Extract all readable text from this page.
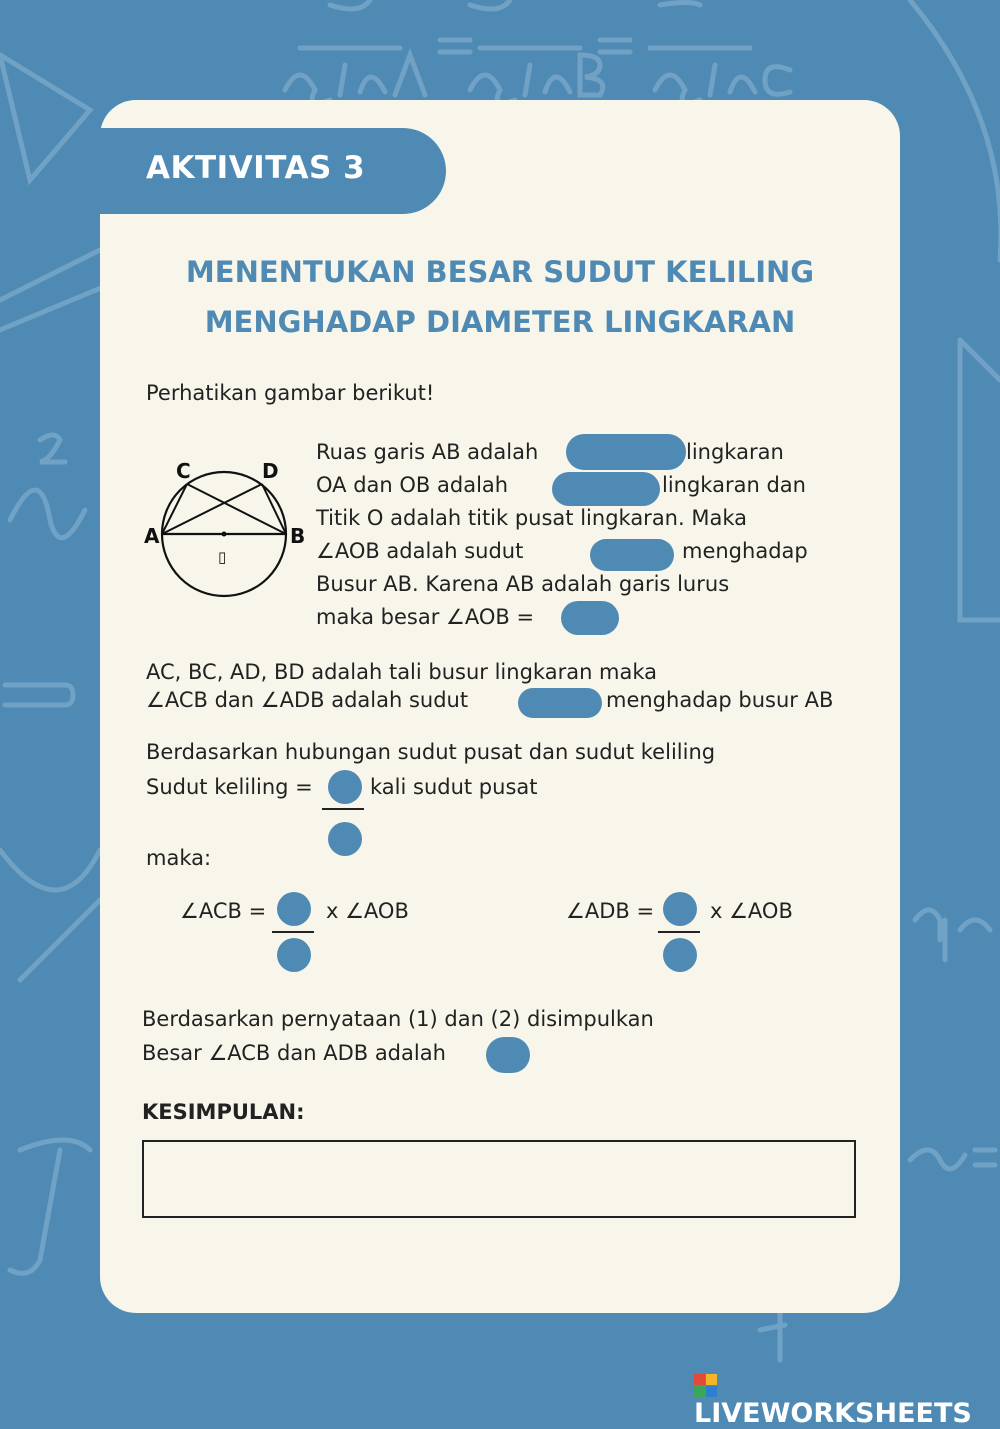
AKTIVITAS 3
MENENTUKAN BESAR SUDUT KELILING
MENGHADAP DIAMETER LINGKARAN
Perhatikan gambar berikut!
C	D
A	B
▯
Ruas garis AB adalah	lingkaran
OA dan OB adalah	lingkaran dan
Titik O adalah titik pusat lingkaran. Maka
∠AOB adalah sudut	menghadap
Busur AB. Karena AB adalah garis lurus
maka besar ∠AOB =
AC, BC, AD, BD adalah tali busur lingkaran maka
∠ACB dan ∠ADB adalah sudut	menghadap busur AB
Berdasarkan hubungan sudut pusat dan sudut keliling
Sudut keliling =	kali sudut pusat
maka:
∠ACB =	x ∠AOB	∠ADB =	x ∠AOB
Berdasarkan pernyataan (1) dan (2) disimpulkan
Besar ∠ACB dan ADB adalah
KESIMPULAN:
LIVEWORKSHEETS
